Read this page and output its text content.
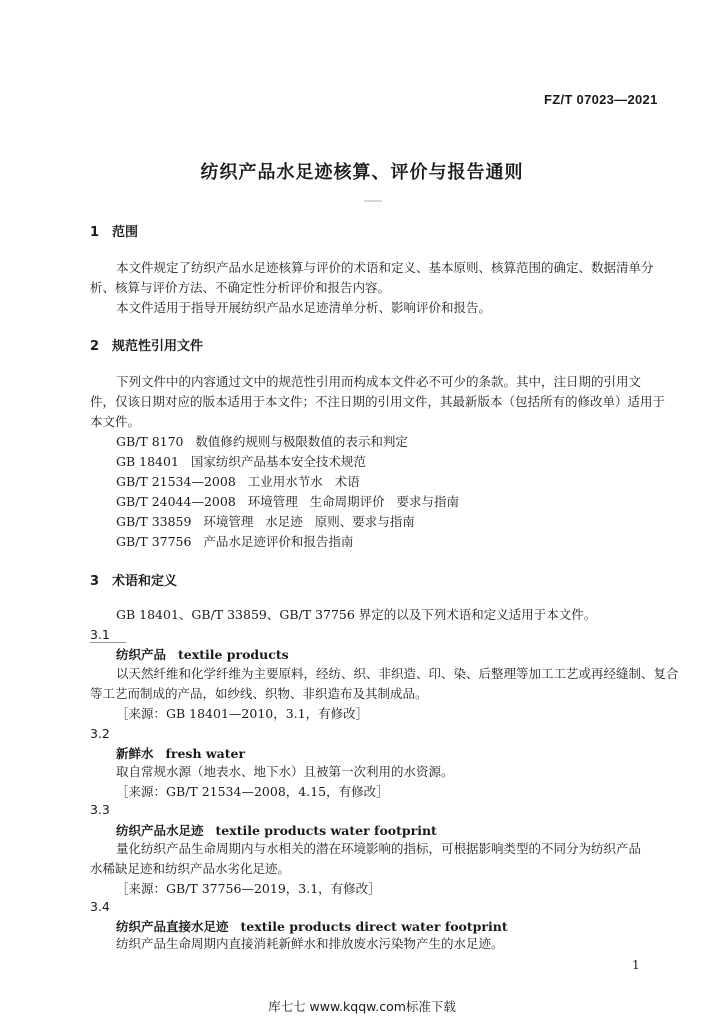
FZ/T 07023—2021
纺织产品水足迹核算、评价与报告通则
1 范围
本文件规定了纺织产品水足迹核算与评价的术语和定义、基本原则、核算范围的确定、数据清单分
析、核算与评价方法、不确定性分析评价和报告内容。
本文件适用于指导开展纺织产品水足迹清单分析、影响评价和报告。
2 规范性引用文件
下列文件中的内容通过文中的规范性引用而构成本文件必不可少的条款。其中，注日期的引用文
件，仅该日期对应的版本适用于本文件；不注日期的引用文件，其最新版本（包括所有的修改单）适用于
本文件。
GB/T 8170   数值修约规则与极限数值的表示和判定
GB 18401   国家纺织产品基本安全技术规范
GB/T 21534—2008   工业用水节水   术语
GB/T 24044—2008   环境管理   生命周期评价   要求与指南
GB/T 33859   环境管理   水足迹   原则、要求与指南
GB/T 37756   产品水足迹评价和报告指南
3 术语和定义
GB 18401、GB/T 33859、GB/T 37756 界定的以及下列术语和定义适用于本文件。
3.1
纺织产品 textile products
以天然纤维和化学纤维为主要原料，经纺、织、非织造、印、染、后整理等加工工艺或再经缝制、复合
等工艺而制成的产品，如纱线、织物、非织造布及其制成品。
［来源：GB 18401—2010，3.1，有修改］
3.2
新鲜水 fresh water
取自常规水源（地表水、地下水）且被第一次利用的水资源。
［来源：GB/T 21534—2008，4.15，有修改］
3.3
纺织产品水足迹 textile products water footprint
量化纺织产品生命周期内与水相关的潜在环境影响的指标，可根据影响类型的不同分为纺织产品
水稀缺足迹和纺织产品水劣化足迹。
［来源：GB/T 37756—2019，3.1，有修改］
3.4
纺织产品直接水足迹 textile products direct water footprint
纺织产品生命周期内直接消耗新鲜水和排放废水污染物产生的水足迹。
1
库七七 www.kqqw.com标准下载
